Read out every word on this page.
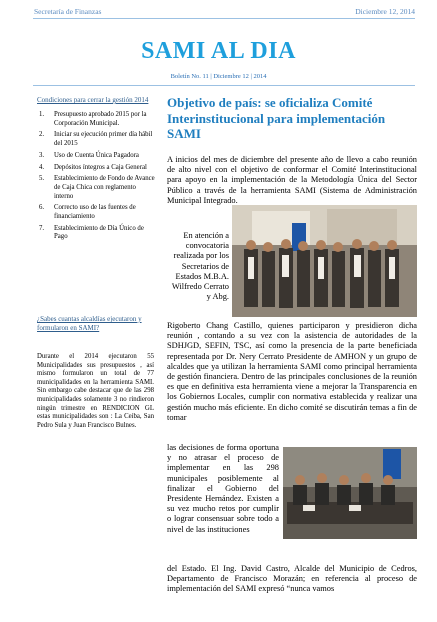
Secretaría de Finanzas	Diciembre 12, 2014
SAMI AL DIA
Boletín No. 11 | Diciembre 12 | 2014
Condiciones para cerrar la gestión 2014
1. Presupuesto aprobado 2015 por la Corporación Municipal.
2. Iniciar su ejecución primer día hábil del 2015
3. Uso de Cuenta Única Pagadora
4. Depósitos íntegros a Caja General
5. Establecimiento de Fondo de Avance de Caja Chica con reglamento interno
6. Correcto uso de las fuentes de financiamiento
7. Establecimiento de Día Único de Pago
¿Sabes cuantas alcaldías ejecutaron y formularon en SAMI?
Durante el 2014 ejecutaron 55 Municipalidades sus presupuestos , así mismo formularon un total de 77 municipalidades en la herramienta SAMI. Sin embargo cabe destacar que de las 298 municipalidades solamente 3 no rindieron ningún trimestre en RENDICION GL estas municipalidades son : La Ceiba, San Pedro Sula y Juan Francisco Bulnes.
Objetivo de país: se oficializa Comité Interinstitucional para implementación SAMI
A inicios del mes de diciembre del presente año de llevo a cabo reunión de alto nivel con el objetivo de conformar el Comité Interinstitucional para apoyo en la implementación de la Metodología Única del Sector Público a través de la herramienta SAMI (Sistema de Administración Municipal Integrado.
En atención a convocatoria realizada por los Secretarios de Estados M.B.A. Wilfredo Cerrato y Abg.
Rigoberto Chang Castillo, quienes participaron y presidieron dicha reunión , contando a su vez con la asistencia de autoridades de la SDHJGD, SEFIN, TSC, así como la presencia de la parte beneficiada representada por Dr. Nery Cerrato Presidente de AMHON y un grupo de alcaldes que ya utilizan la herramienta SAMI como principal herramienta de gestión financiera. Dentro de las principales conclusiones de la reunión es que en definitiva esta herramienta viene a mejorar la Transparencia en los Gobiernos Locales, cumplir con normativa establecida y realizar una gestión mucho más eficiente. En dicho comité se discutirán temas a fin de tomar
las decisiones de forma oportuna y no atrasar el proceso de implementar en las 298 municipales posiblemente al finalizar el Gobierno del Presidente Hernández. Existen a su vez mucho retos por cumplir o lograr consensuar sobre todo a nivel de las instituciones
del Estado. El Ing. David Castro, Alcalde del Municipio de Cedros, Departamento de Francisco Morazán; en referencia al proceso de implementación del SAMI expresó “nunca vamos
